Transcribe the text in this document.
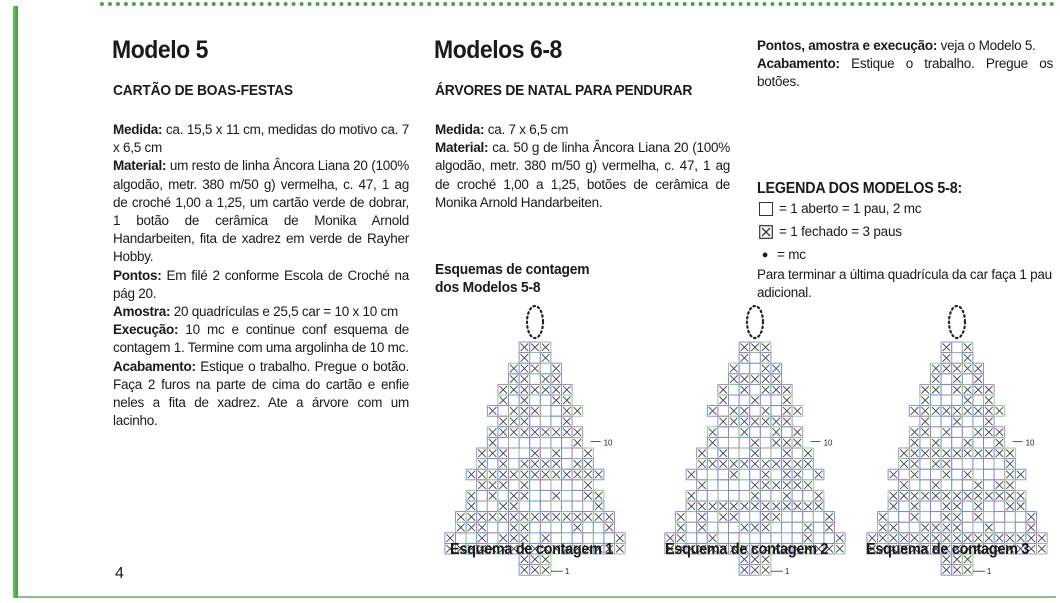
Modelo 5
CARTÃO DE BOAS-FESTAS

Medida: ca. 15,5 x 11 cm, medidas do motivo ca. 7 x 6,5 cm

Material: um resto de linha Âncora Liana 20 (100% algodão, metr. 380 m/50 g) vermelha, c. 47, 1 ag de croché 1,00 a 1,25, um cartão verde de dobrar, 1 botão de cerâmica de Monika Arnold Handarbeiten, fita de xadrez em verde de Rayher Hobby.

Pontos: Em filé 2 conforme Escola de Croché na pág 20.

Amostra: 20 quadrículas e 25,5 car = 10 x 10 cm

Execução: 10 mc e continue conf esquema de contagem 1. Termine com uma argolinha de 10 mc.

Acabamento: Estique o trabalho. Pregue o botão. Faça 2 furos na parte de cima do cartão e enfie neles a fita de xadrez. Ate a árvore com um lacinho.

Modelos 6-8
ÁRVORES DE NATAL PARA PENDURAR

Medida: ca. 7 x 6,5 cm

Material: ca. 50 g de linha Âncora Liana 20 (100% algodão, metr. 380 m/50 g) vermelha, c. 47, 1 ag de croché 1,00 a 1,25, botões de cerâmica de Monika Arnold Handarbeiten.

Pontos, amostra e execução: veja o Modelo 5.

Acabamento: Estique o trabalho. Pregue os botões.

LEGENDA DOS MODELOS 5-8:
= 1 aberto = 1 pau, 2 mc
= 1 fechado = 3 paus
● = mc
Para terminar a última quadrícula da car faça 1 pau adicional.
Esquemas de contagem
dos Modelos 5-8
10
1
10
1
10
1
Esquema de contagem 1	Esquema de contagem 2 Esquema de contagem 3
4
